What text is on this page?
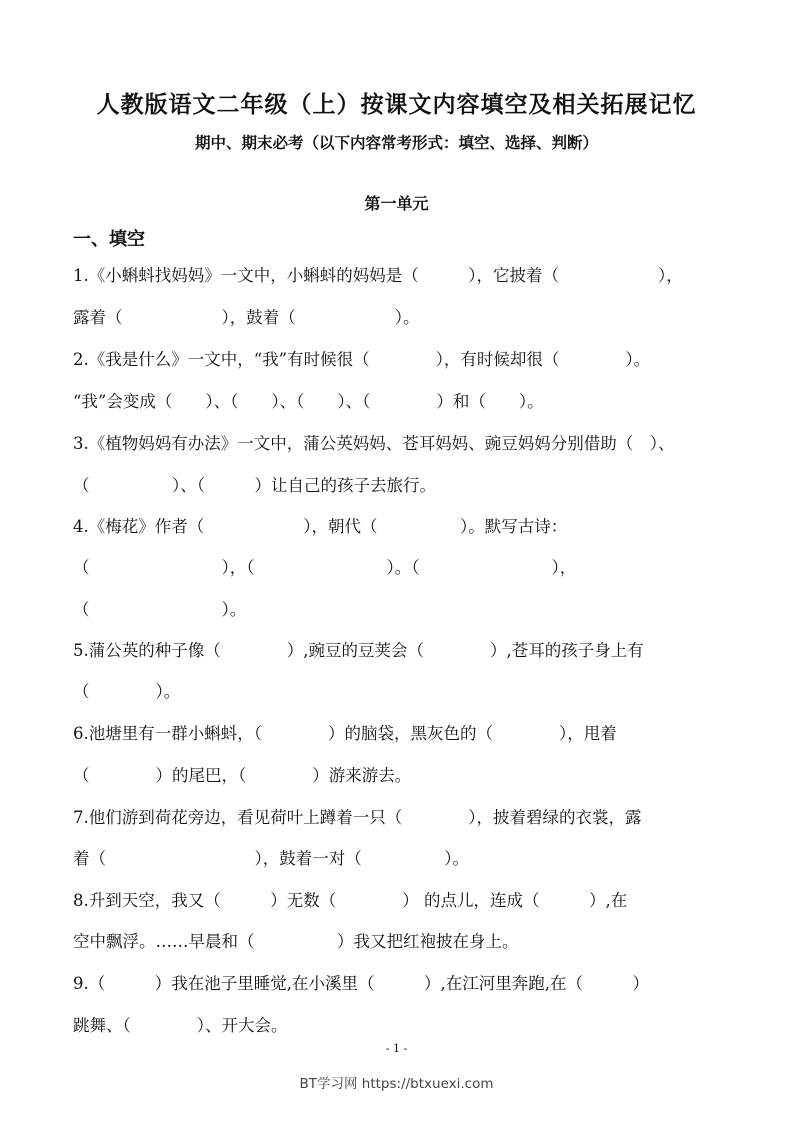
人教版语文二年级（上）按课文内容填空及相关拓展记忆
期中、期末必考（以下内容常考形式：填空、选择、判断）
第一单元
一、填空
1.《小蝌蚪找妈妈》一文中，小蝌蚪的妈妈是（　　　），它披着（　　　　　　），
露着（　　　　　　），鼓着（　　　　　　）。
2.《我是什么》一文中，“我”有时候很（　　　　），有时候却很（　　　　）。
“我”会变成（　　）、（　　）、（　　）、（　　　　）和（　　）。
3.《植物妈妈有办法》一文中，蒲公英妈妈、苍耳妈妈、豌豆妈妈分别借助（　）、
（　　　　　）、（　　　）让自己的孩子去旅行。
4.《梅花》作者（　　　　　　），朝代（　　　　　）。默写古诗：
（　　　　　　　　），（　　　　　　　　）。（　　　　　　　　），
（　　　　　　　　）。
5.蒲公英的种子像（　　　　）,豌豆的豆荚会（　　　　）,苍耳的孩子身上有
（　　　　）。
6.池塘里有一群小蝌蚪，（　　　　）的脑袋，黑灰色的（　　　　），甩着
（　　　　）的尾巴，（　　　　）游来游去。
7.他们游到荷花旁边，看见荷叶上蹲着一只（　　　　），披着碧绿的衣裳，露
着（　　　　　　　　　），鼓着一对（　　　　　）。
8.升到天空，我又（　　　）无数（　　　　） 的点儿，连成（　　　）,在
空中飘浮。……早晨和（　　　　　）我又把红袍披在身上。
9.（　　　）我在池子里睡觉,在小溪里（　　　）,在江河里奔跑,在（　　　）
跳舞、（　　　　）、开大会。
- 1 -
BT学习网 https://btxuexi.com
